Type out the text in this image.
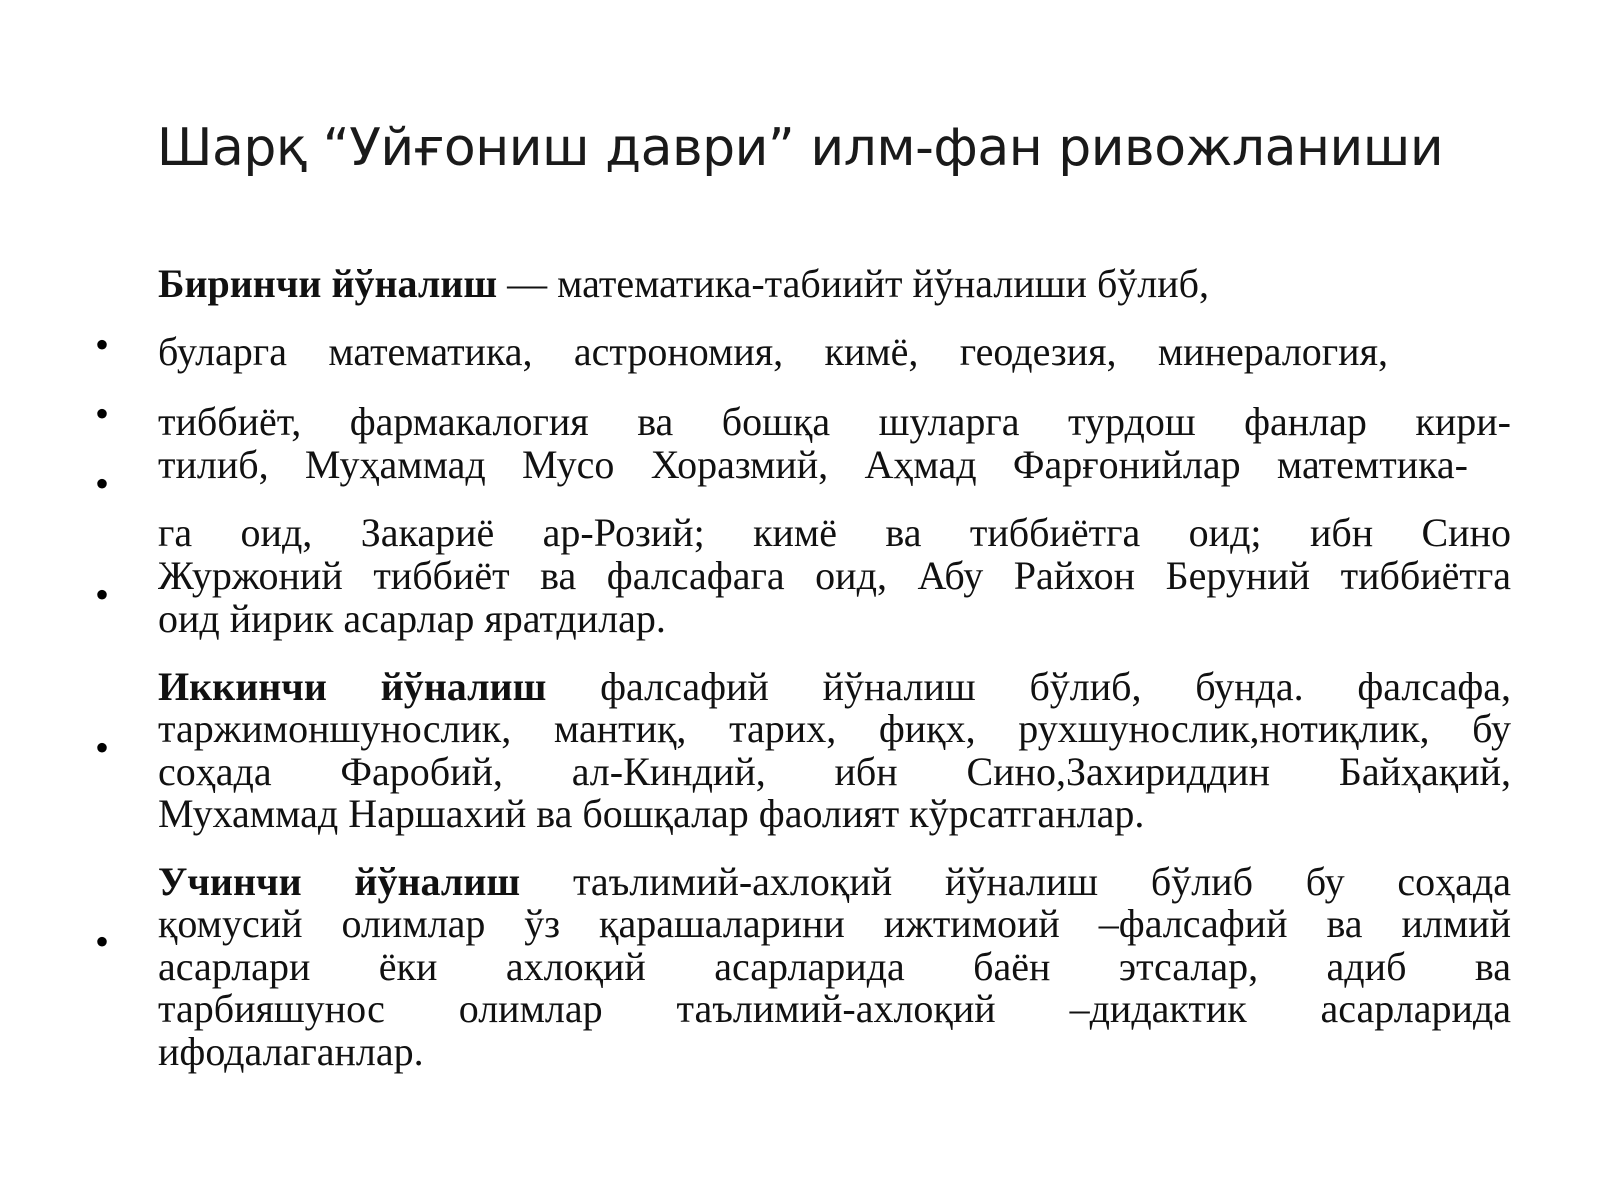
Шарқ “Уйғониш даври” илм-фан ривожланиши
•
•
•
•
•
•
Биринчи йўналиш — математика-табиийт йўналиши бўлиб,
буларга математика, астрономия, кимё, геодезия, минералогия,
тиббиёт, фармакалогия ва бошқа шуларга турдош фанлар кири-
тилиб, Муҳаммад Мусо Хоразмий, Аҳмад Фарғонийлар матемтика-
га оид, Закариё ар-Розий; кимё ва тиббиётга оид; ибн Сино
Журжоний тиббиёт ва фалсафага оид, Абу Райхон Беруний тиббиётга
оид йирик асарлар яратдилар.
Иккинчи йўналиш фалсафий йўналиш бўлиб, бунда. фалсафа,
таржимоншунослик, мантиқ, тарих, фиқх, рухшунослик,нотиқлик, бу
соҳада Фаробий, ал-Киндий, ибн Сино,Захириддин Байҳақий,
Мухаммад Наршахий ва бошқалар фаолият кўрсатганлар.
Учинчи йўналиш таълимий-ахлоқий йўналиш бўлиб бу соҳада
қомусий олимлар ўз қарашаларини ижтимоий –фалсафий ва илмий
асарлари ёки ахлоқий асарларида баён этсалар, адиб ва
тарбияшунос олимлар таълимий-ахлоқий –дидактик асарларида
ифодалаганлар.
